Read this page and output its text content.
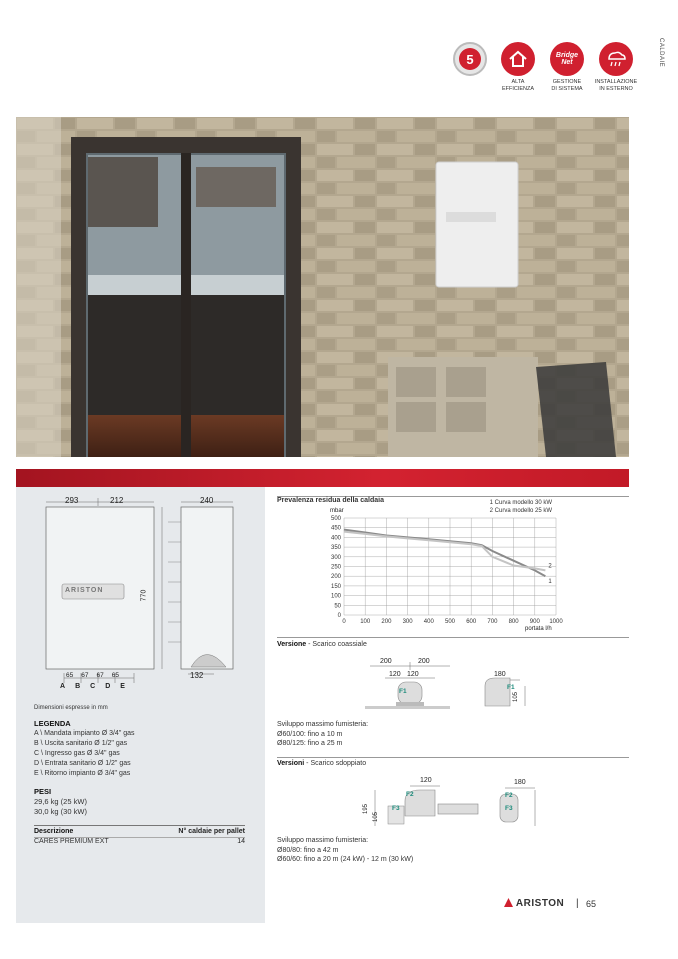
CALDAIE
5
ALTA
EFFICIENZA
Bridge
Net
GESTIONE
DI SISTEMA
INSTALLAZIONE
IN ESTERNO
293	212	240
770
132
ARISTON
65 67 67 65
A B C D E
Dimensioni espresse in mm
LEGENDA
A \ Mandata impianto Ø 3/4" gas
B \ Uscita sanitario Ø 1/2" gas
C \ Ingresso gas Ø 3/4" gas
D \ Entrata sanitario Ø 1/2" gas
E \ Ritorno impianto Ø 3/4" gas
PESI
29,6 kg (25 kW)
30,0 kg (30 kW)
Descrizione	N° caldaie per pallet
CARES PREMIUM EXT	14
Prevalenza residua della caldaia	1 Curva modello 30 kW
2 Curva modello 25 kW
mbar
portata l/h
0
50
100
150
200
250
300
350
400
450
500
0 100 200 300 400 500 600 700 800 900 1000
1
2
Versione - Scarico coassiale
200	200
120 120
F1
180
F1
105
Sviluppo massimo fumisteria:
Ø60/100: fino a 10 m
Ø80/125: fino a 25 m
Versioni - Scarico sdoppiato
120
195
105
F2
F3
180
F2
F3
Sviluppo massimo fumisteria:
Ø80/80: fino a 42 m
Ø60/60: fino a 20 m (24 kW) - 12 m (30 kW)
ARISTON | 65
